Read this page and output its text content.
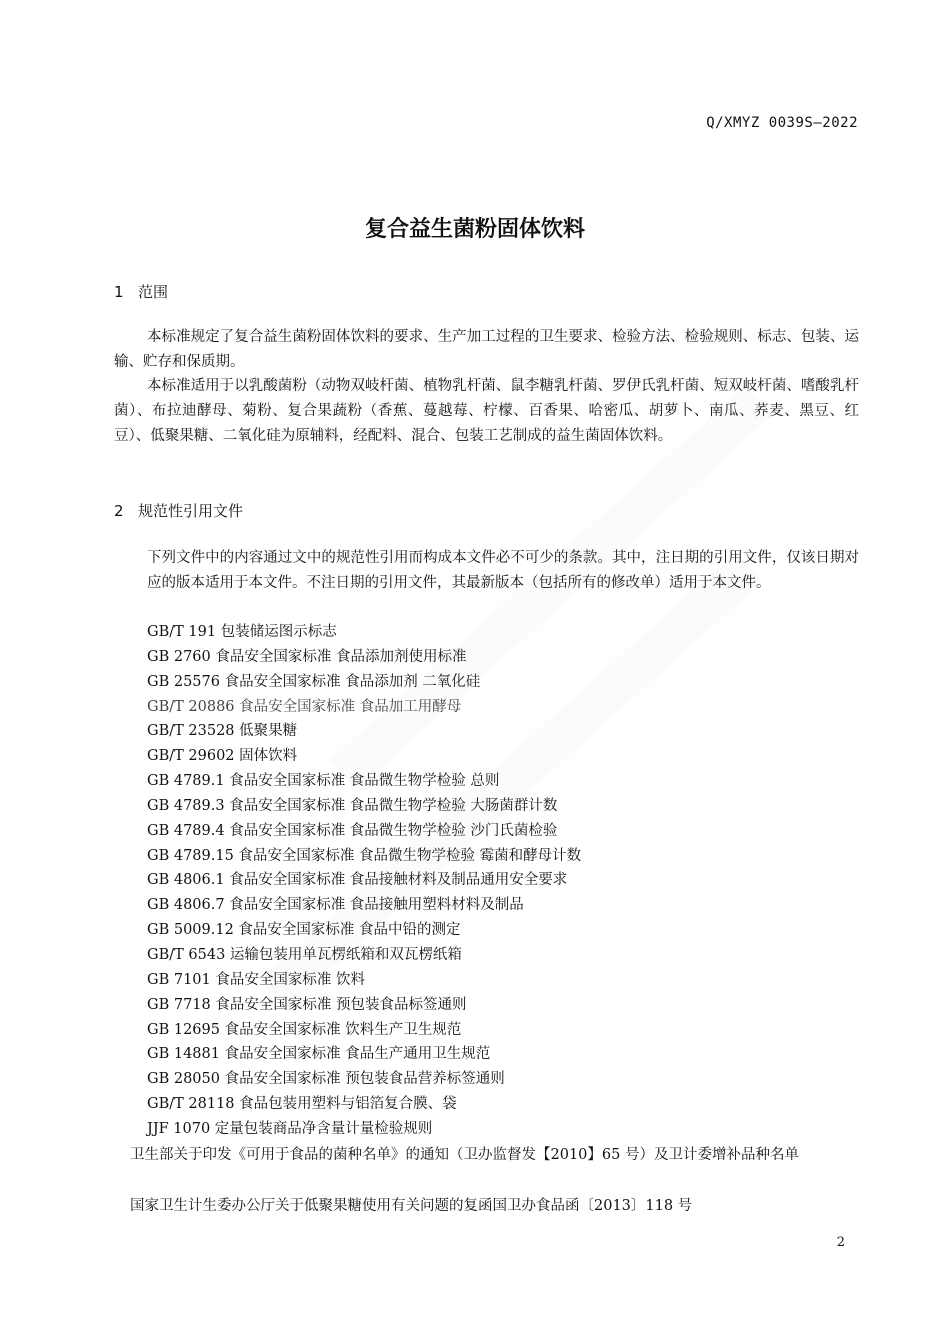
Q/XMYZ 0039S—2022
复合益生菌粉固体饮料
1 范围
本标准规定了复合益生菌粉固体饮料的要求、生产加工过程的卫生要求、检验方法、检验规则、标志、包装、运输、贮存和保质期。
本标准适用于以乳酸菌粉（动物双岐杆菌、植物乳杆菌、鼠李糖乳杆菌、罗伊氏乳杆菌、短双岐杆菌、嗜酸乳杆菌）、布拉迪酵母、菊粉、复合果蔬粉（香蕉、蔓越莓、柠檬、百香果、哈密瓜、胡萝卜、南瓜、荞麦、黑豆、红豆）、低聚果糖、二氧化硅为原辅料，经配料、混合、包装工艺制成的益生菌固体饮料。
2 规范性引用文件
下列文件中的内容通过文中的规范性引用而构成本文件必不可少的条款。其中，注日期的引用文件，仅该日期对应的版本适用于本文件。不注日期的引用文件，其最新版本（包括所有的修改单）适用于本文件。
GB/T 191 包装储运图示标志
GB 2760 食品安全国家标准 食品添加剂使用标准
GB 25576 食品安全国家标准 食品添加剂 二氧化硅
GB/T 20886 食品安全国家标准 食品加工用酵母
GB/T 23528 低聚果糖
GB/T 29602 固体饮料
GB 4789.1 食品安全国家标准 食品微生物学检验 总则
GB 4789.3 食品安全国家标准 食品微生物学检验 大肠菌群计数
GB 4789.4 食品安全国家标准 食品微生物学检验 沙门氏菌检验
GB 4789.15 食品安全国家标准 食品微生物学检验 霉菌和酵母计数
GB 4806.1 食品安全国家标准 食品接触材料及制品通用安全要求
GB 4806.7 食品安全国家标准 食品接触用塑料材料及制品
GB 5009.12 食品安全国家标准 食品中铅的测定
GB/T 6543 运输包装用单瓦楞纸箱和双瓦楞纸箱
GB 7101 食品安全国家标准 饮料
GB 7718 食品安全国家标准 预包装食品标签通则
GB 12695 食品安全国家标准 饮料生产卫生规范
GB 14881 食品安全国家标准 食品生产通用卫生规范
GB 28050 食品安全国家标准 预包装食品营养标签通则
GB/T 28118 食品包装用塑料与铝箔复合膜、袋
JJF 1070 定量包装商品净含量计量检验规则
卫生部关于印发《可用于食品的菌种名单》的通知（卫办监督发【2010】65 号）及卫计委增补品种名单
国家卫生计生委办公厅关于低聚果糖使用有关问题的复函国卫办食品函〔2013〕118 号
2
